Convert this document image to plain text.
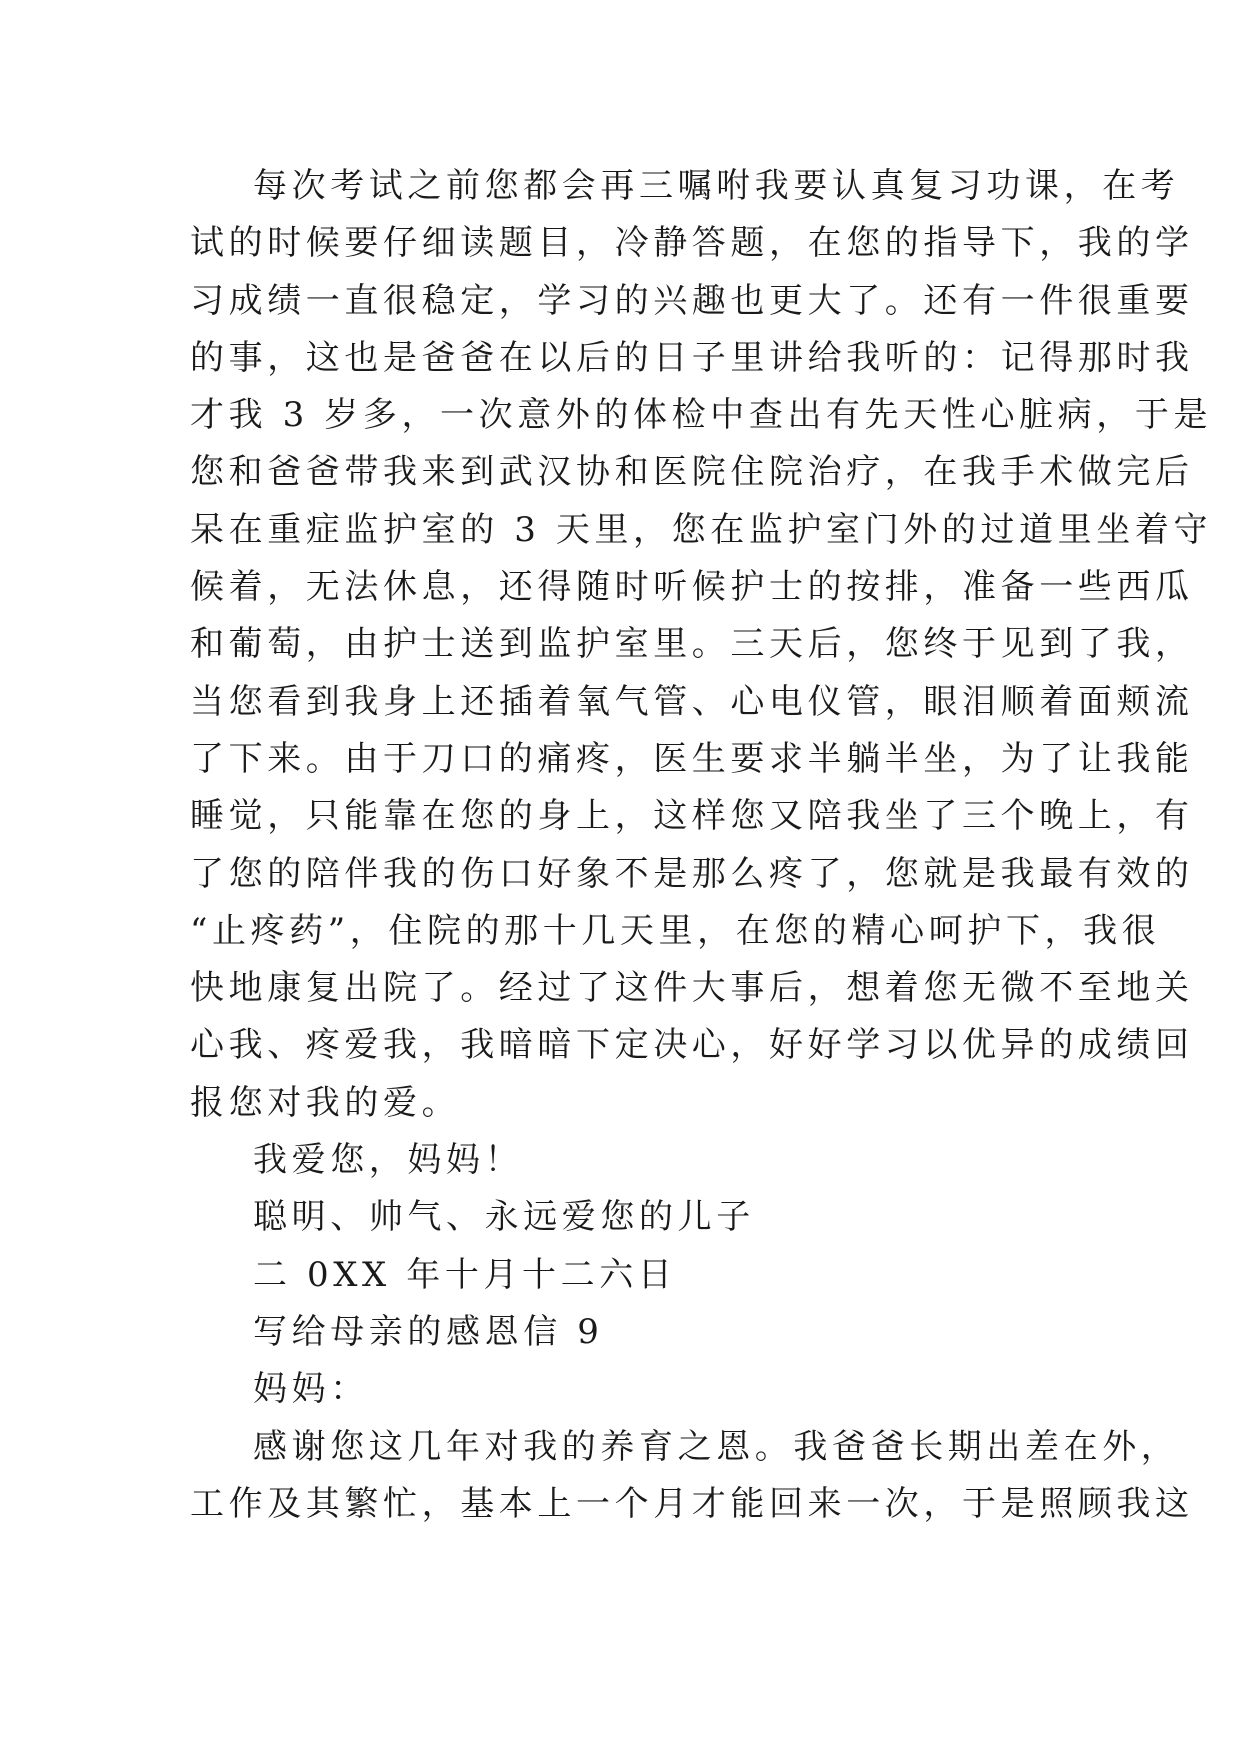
每次考试之前您都会再三嘱咐我要认真复习功课，在考
试的时候要仔细读题目，冷静答题，在您的指导下，我的学
习成绩一直很稳定，学习的兴趣也更大了。还有一件很重要
的事，这也是爸爸在以后的日子里讲给我听的：记得那时我
才我 3 岁多，一次意外的体检中查出有先天性心脏病，于是
您和爸爸带我来到武汉协和医院住院治疗，在我手术做完后
呆在重症监护室的 3 天里，您在监护室门外的过道里坐着守
候着，无法休息，还得随时听候护士的按排，准备一些西瓜
和葡萄，由护士送到监护室里。三天后，您终于见到了我，
当您看到我身上还插着氧气管、心电仪管，眼泪顺着面颊流
了下来。由于刀口的痛疼，医生要求半躺半坐，为了让我能
睡觉，只能靠在您的身上，这样您又陪我坐了三个晚上，有
了您的陪伴我的伤口好象不是那么疼了，您就是我最有效的
“止疼药”，住院的那十几天里，在您的精心呵护下，我很
快地康复出院了。经过了这件大事后，想着您无微不至地关
心我、疼爱我，我暗暗下定决心，好好学习以优异的成绩回
报您对我的爱。
我爱您，妈妈！
聪明、帅气、永远爱您的儿子
二 0XX 年十月十二六日
写给母亲的感恩信 9
妈妈：
感谢您这几年对我的养育之恩。我爸爸长期出差在外，
工作及其繁忙，基本上一个月才能回来一次，于是照顾我这
